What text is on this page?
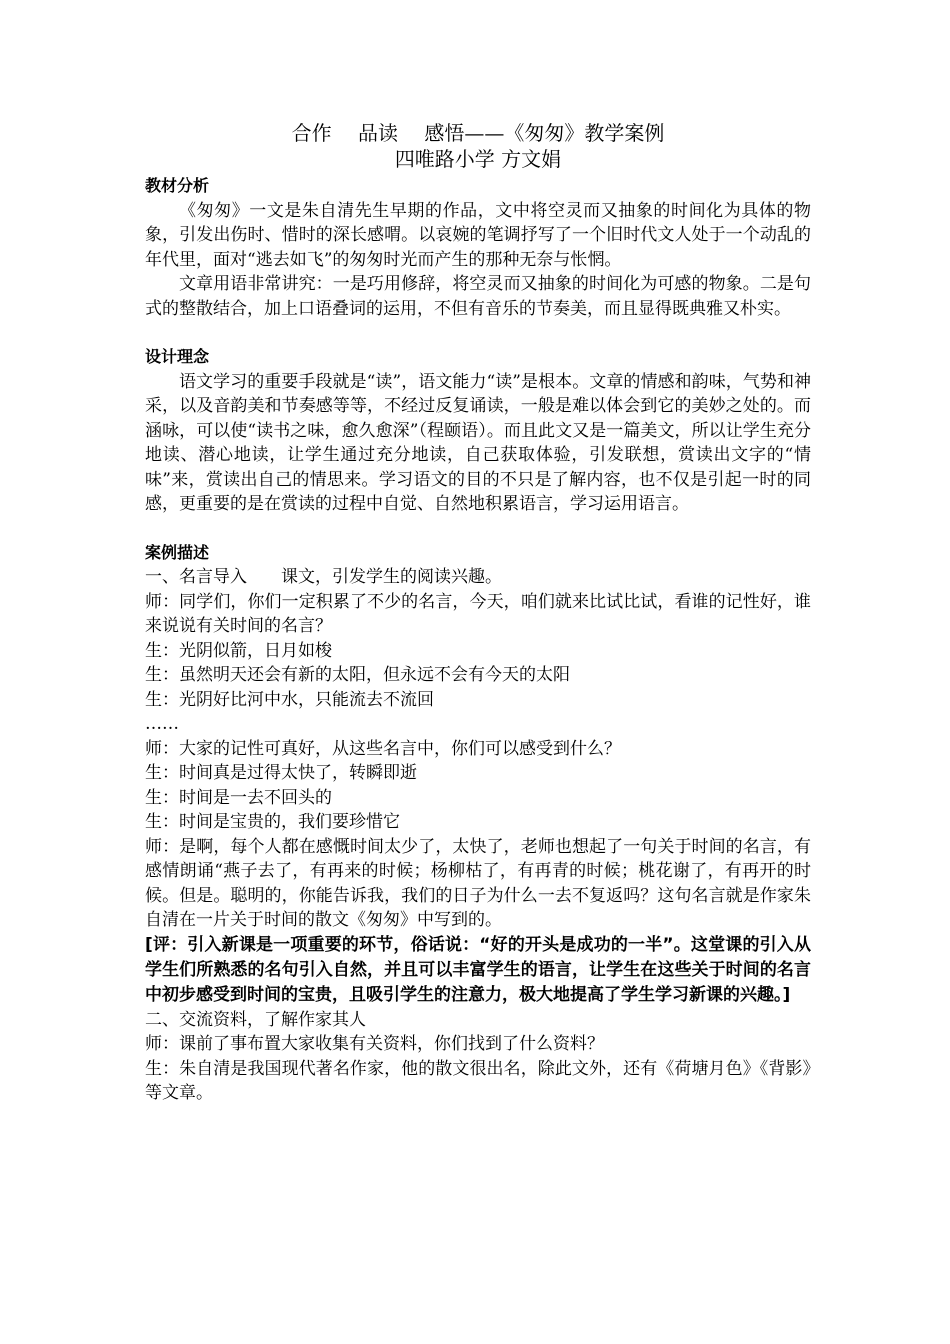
合作　 品读　 感悟——《匆匆》教学案例
四唯路小学 方文娟
教材分析

《匆匆》一文是朱自清先生早期的作品，文中将空灵而又抽象的时间化为具体的物象，引发出伤时、惜时的深长感喟。以哀婉的笔调抒写了一个旧时代文人处于一个动乱的年代里，面对“逃去如飞”的匆匆时光而产生的那种无奈与怅惘。

文章用语非常讲究：一是巧用修辞，将空灵而又抽象的时间化为可感的物象。二是句式的整散结合，加上口语叠词的运用，不但有音乐的节奏美，而且显得既典雅又朴实。

设计理念

语文学习的重要手段就是“读”，语文能力“读”是根本。文章的情感和韵味，气势和神采，以及音韵美和节奏感等等，不经过反复诵读，一般是难以体会到它的美妙之处的。而涵咏，可以使“读书之味，愈久愈深”（程颐语）。而且此文又是一篇美文，所以让学生充分地读、潜心地读，让学生通过充分地读，自己获取体验，引发联想，赏读出文字的“情味”来，赏读出自己的情思来。学习语文的目的不只是了解内容，也不仅是引起一时的同感，更重要的是在赏读的过程中自觉、自然地积累语言，学习运用语言。

案例描述

一、名言导入　　课文，引发学生的阅读兴趣。

师：同学们，你们一定积累了不少的名言，今天，咱们就来比试比试，看谁的记性好，谁来说说有关时间的名言？

生：光阴似箭，日月如梭

生：虽然明天还会有新的太阳，但永远不会有今天的太阳

生：光阴好比河中水，只能流去不流回

……

师：大家的记性可真好，从这些名言中，你们可以感受到什么？

生：时间真是过得太快了，转瞬即逝

生：时间是一去不回头的

生：时间是宝贵的，我们要珍惜它

师：是啊，每个人都在感慨时间太少了，太快了，老师也想起了一句关于时间的名言，有感情朗诵“燕子去了，有再来的时候；杨柳枯了，有再青的时候；桃花谢了，有再开的时候。但是。聪明的，你能告诉我，我们的日子为什么一去不复返吗？这句名言就是作家朱自清在一片关于时间的散文《匆匆》中写到的。

[评：引入新课是一项重要的环节，俗话说：“好的开头是成功的一半”。这堂课的引入从学生们所熟悉的名句引入自然，并且可以丰富学生的语言，让学生在这些关于时间的名言中初步感受到时间的宝贵，且吸引学生的注意力，极大地提高了学生学习新课的兴趣。]

二、交流资料，了解作家其人

师：课前了事布置大家收集有关资料，你们找到了什么资料？

生：朱自清是我国现代著名作家，他的散文很出名，除此文外，还有《荷塘月色》《背影》等文章。
